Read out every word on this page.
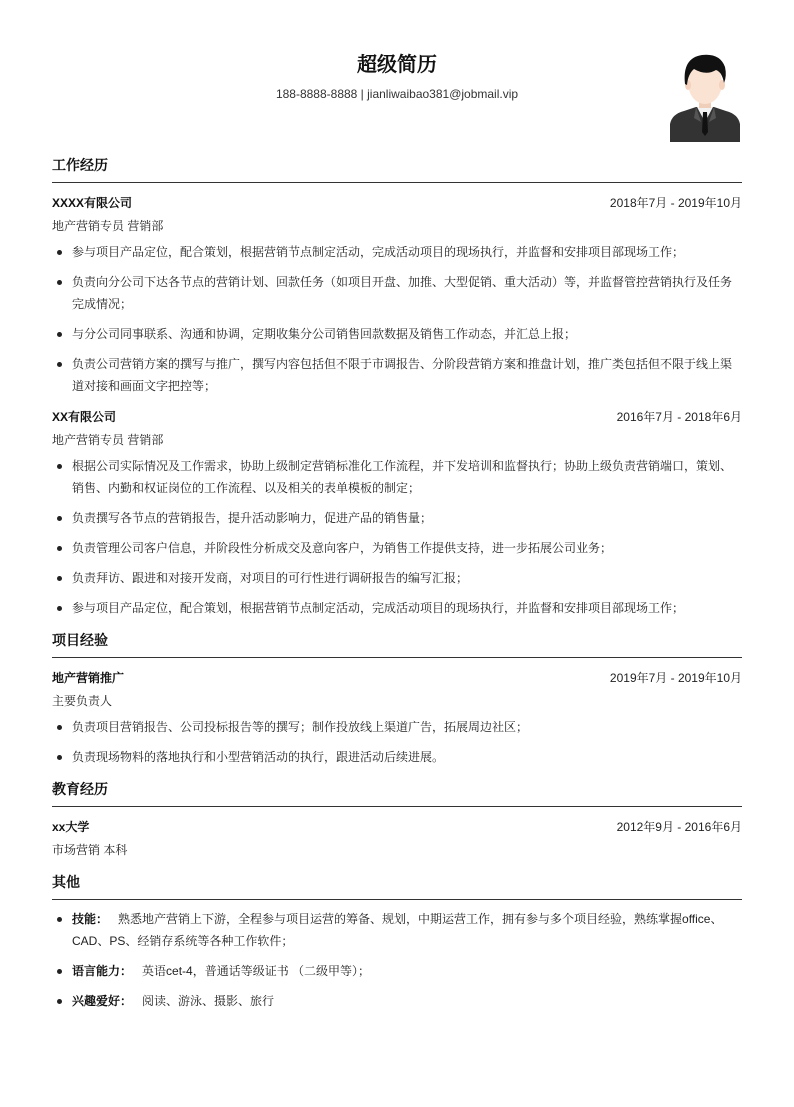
超级简历
188-8888-8888 | jianliwaibao381@jobmail.vip
工作经历
XXXX有限公司	2018年7月 - 2019年10月
地产营销专员 营销部
参与项目产品定位，配合策划，根据营销节点制定活动，完成活动项目的现场执行，并监督和安排项目部现场工作；
负责向分公司下达各节点的营销计划、回款任务（如项目开盘、加推、大型促销、重大活动）等，并监督管控营销执行及任务完成情况；
与分公司同事联系、沟通和协调，定期收集分公司销售回款数据及销售工作动态，并汇总上报；
负责公司营销方案的撰写与推广，撰写内容包括但不限于市调报告、分阶段营销方案和推盘计划，推广类包括但不限于线上渠道对接和画面文字把控等；
XX有限公司	2016年7月 - 2018年6月
地产营销专员 营销部
根据公司实际情况及工作需求，协助上级制定营销标准化工作流程，并下发培训和监督执行；协助上级负责营销端口，策划、销售、内勤和权证岗位的工作流程、以及相关的表单模板的制定；
负责撰写各节点的营销报告，提升活动影响力，促进产品的销售量；
负责管理公司客户信息，并阶段性分析成交及意向客户，为销售工作提供支持，进一步拓展公司业务；
负责拜访、跟进和对接开发商，对项目的可行性进行调研报告的编写汇报；
参与项目产品定位，配合策划，根据营销节点制定活动，完成活动项目的现场执行，并监督和安排项目部现场工作；
项目经验
地产营销推广	2019年7月 - 2019年10月
主要负责人
负责项目营销报告、公司投标报告等的撰写；制作投放线上渠道广告，拓展周边社区；
负责现场物料的落地执行和小型营销活动的执行，跟进活动后续进展。
教育经历
xx大学	2012年9月 - 2016年6月
市场营销 本科
其他
技能： 熟悉地产营销上下游，全程参与项目运营的筹备、规划，中期运营工作，拥有参与多个项目经验，熟练掌握office、CAD、PS、经销存系统等各种工作软件；
语言能力： 英语cet-4，普通话等级证书 （二级甲等）；
兴趣爱好： 阅读、游泳、摄影、旅行
